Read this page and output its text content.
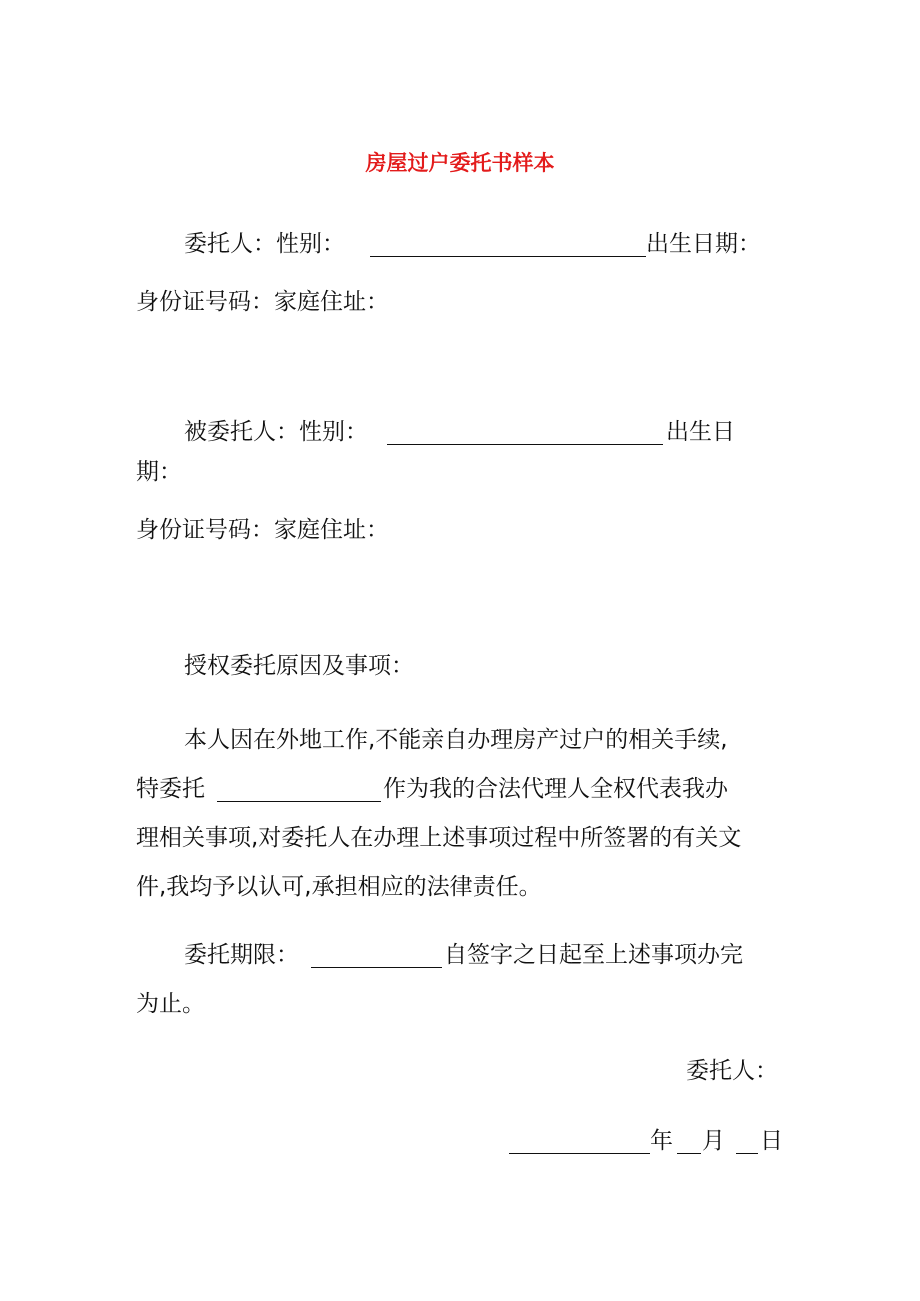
房屋过户委托书样本
委托人：性别：	出生日期：
身份证号码：家庭住址：
被委托人：性别：	出生日
期：
身份证号码：家庭住址：
授权委托原因及事项：
本人因在外地工作,不能亲自办理房产过户的相关手续,
特委托	作为我的合法代理人全权代表我办
理相关事项,对委托人在办理上述事项过程中所签署的有关文
件,我均予以认可,承担相应的法律责任。
委托期限：	自签字之日起至上述事项办完
为止。
委托人：
年 月 日
